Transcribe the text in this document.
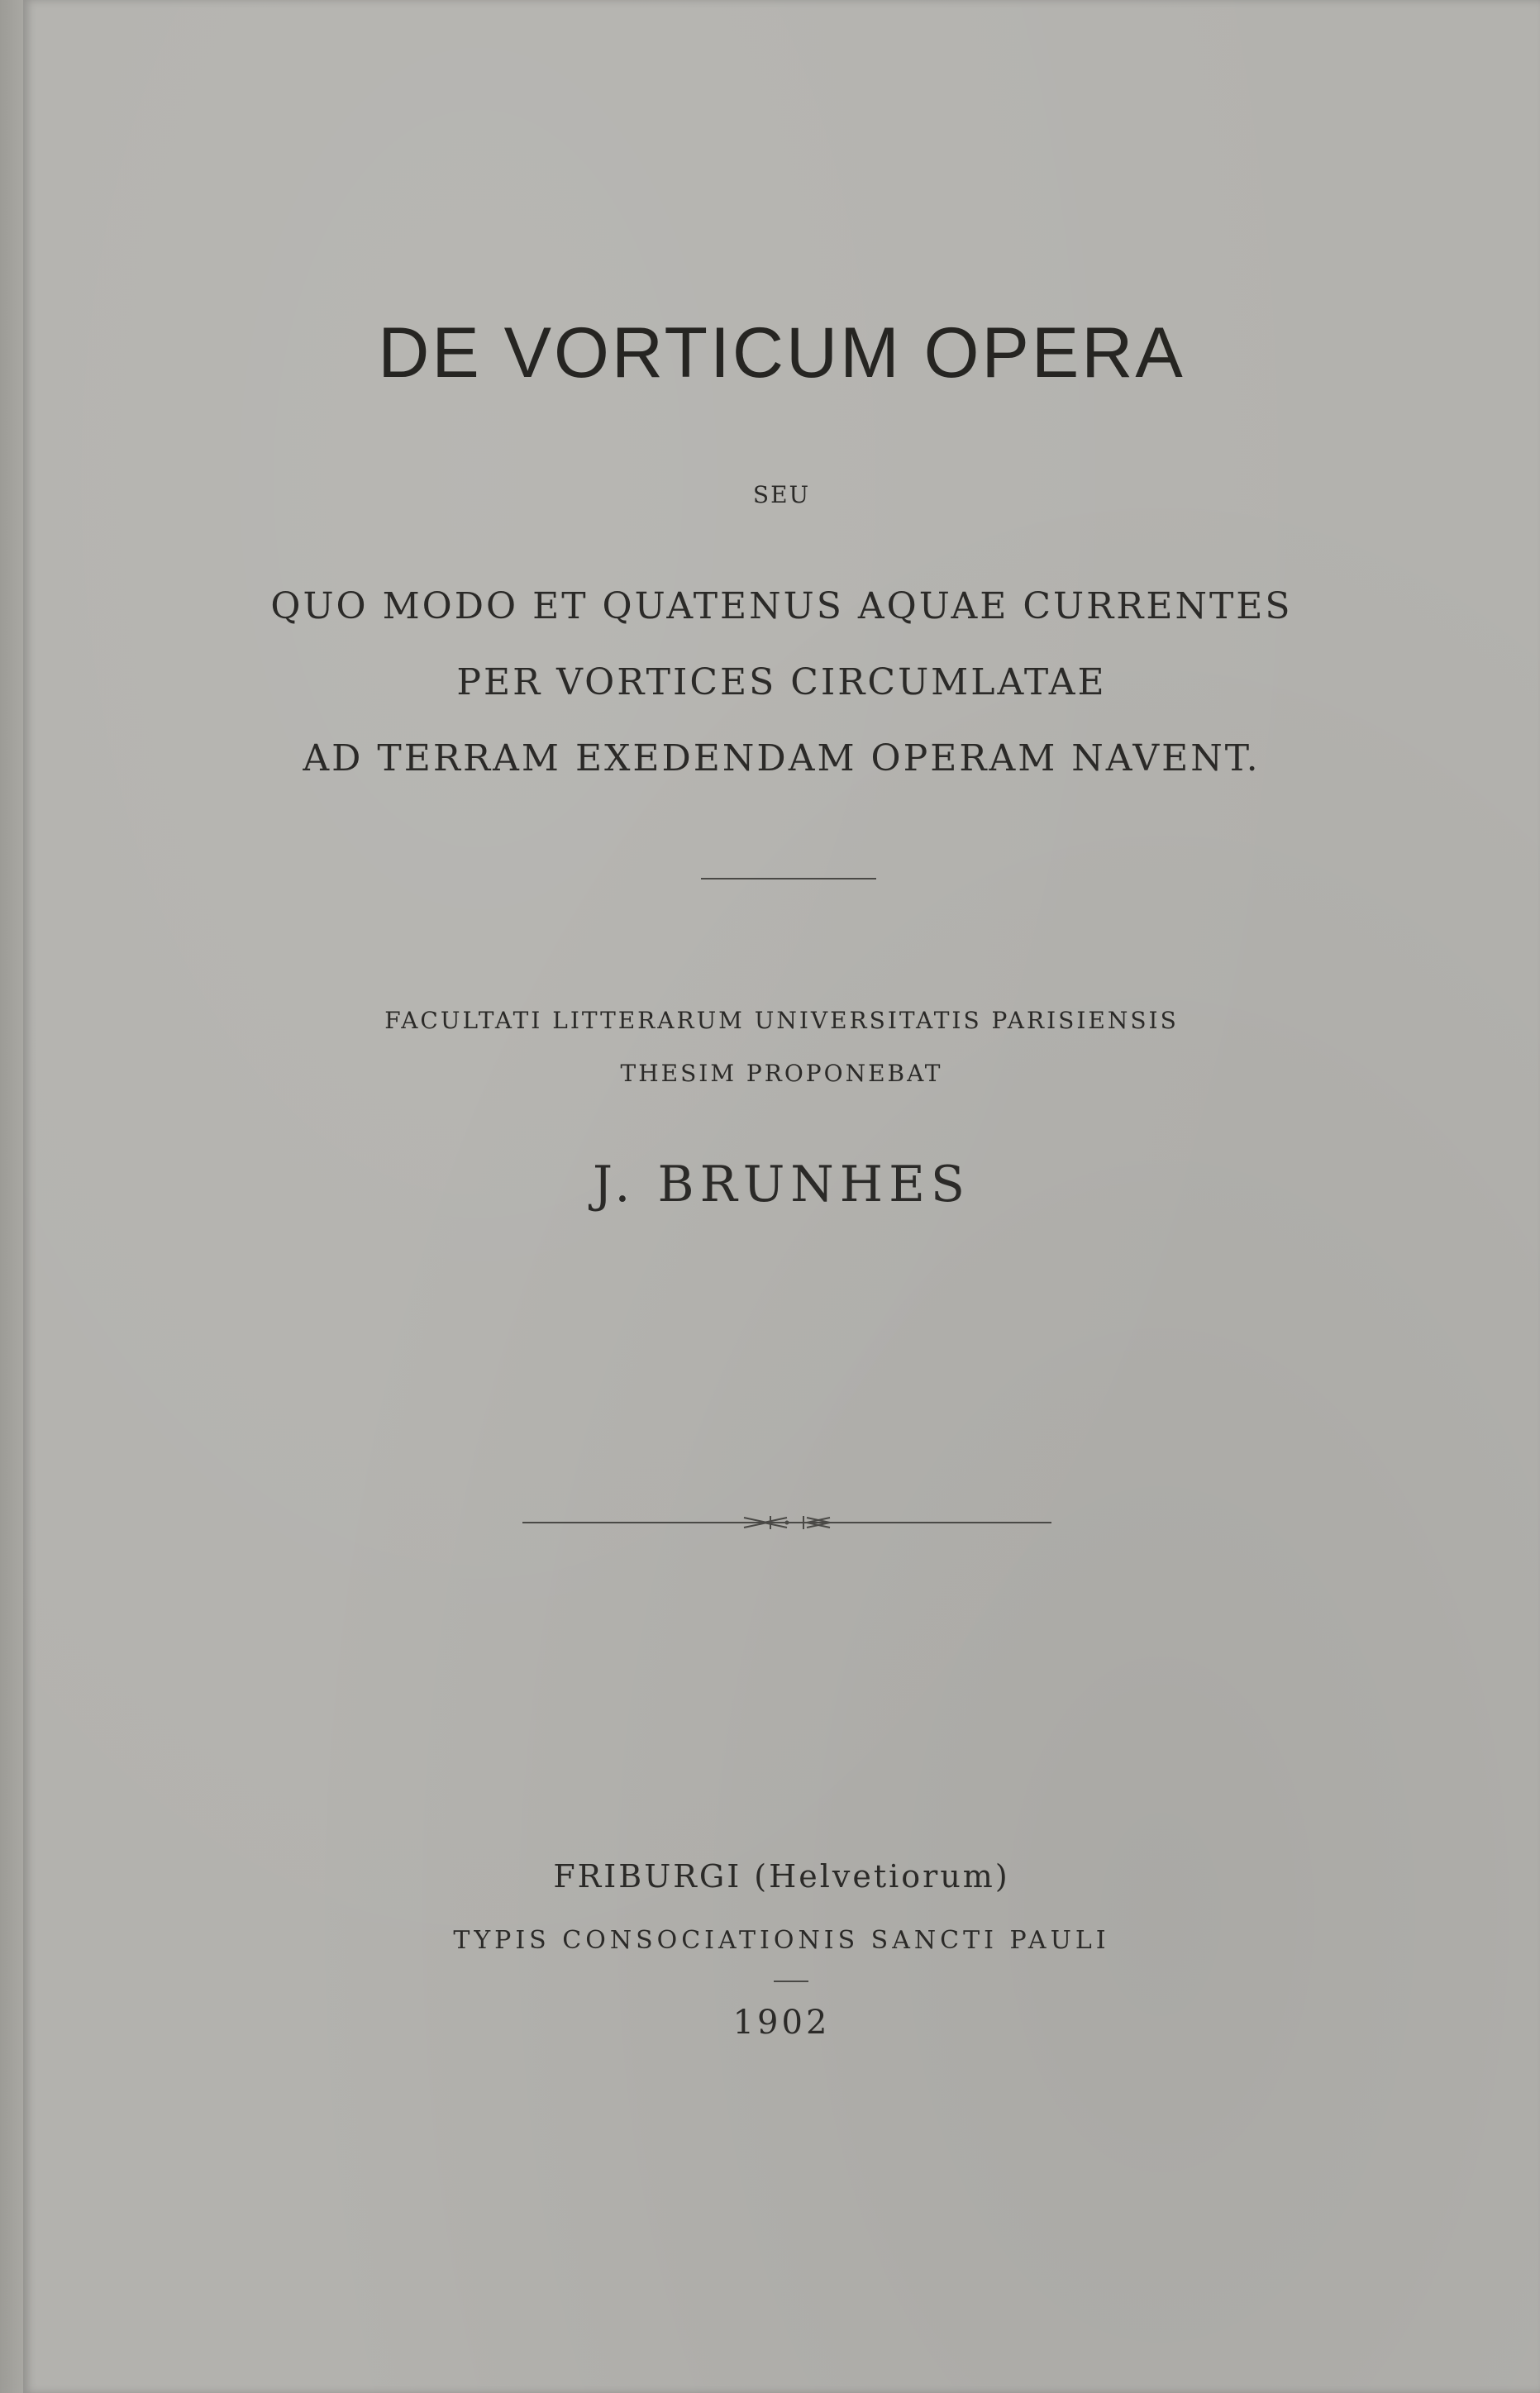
DE VORTICUM OPERA

SEU

QUO MODO ET QUATENUS AQUAE CURRENTES

PER VORTICES CIRCUMLATAE

AD TERRAM EXEDENDAM OPERAM NAVENT.

FACULTATI LITTERARUM UNIVERSITATIS PARISIENSIS

THESIM PROPONEBAT

J. BRUNHES

FRIBURGI (Helvetiorum)

TYPIS CONSOCIATIONIS SANCTI PAULI

1902
